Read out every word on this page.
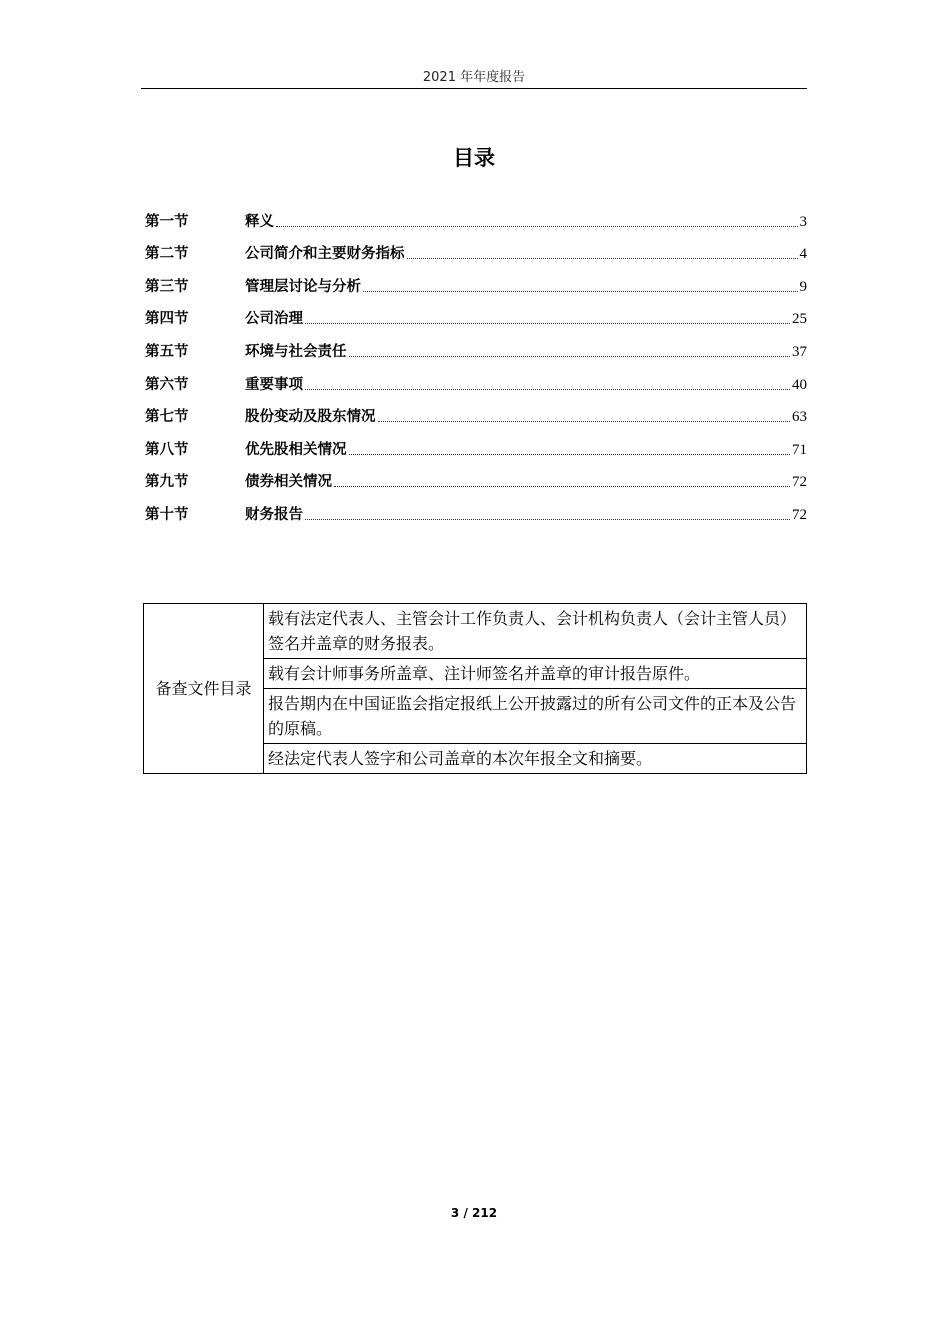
2021 年年度报告
目录
第一节	释义	3
第二节	公司简介和主要财务指标	4
第三节	管理层讨论与分析	9
第四节	公司治理	25
第五节	环境与社会责任	37
第六节	重要事项	40
第七节	股份变动及股东情况	63
第八节	优先股相关情况	71
第九节	债券相关情况	72
第十节	财务报告	72
备查文件目录	载有法定代表人、主管会计工作负责人、会计机构负责人（会计主管人员）签名并盖章的财务报表。
载有会计师事务所盖章、注计师签名并盖章的审计报告原件。
报告期内在中国证监会指定报纸上公开披露过的所有公司文件的正本及公告的原稿。
经法定代表人签字和公司盖章的本次年报全文和摘要。
3 / 212
